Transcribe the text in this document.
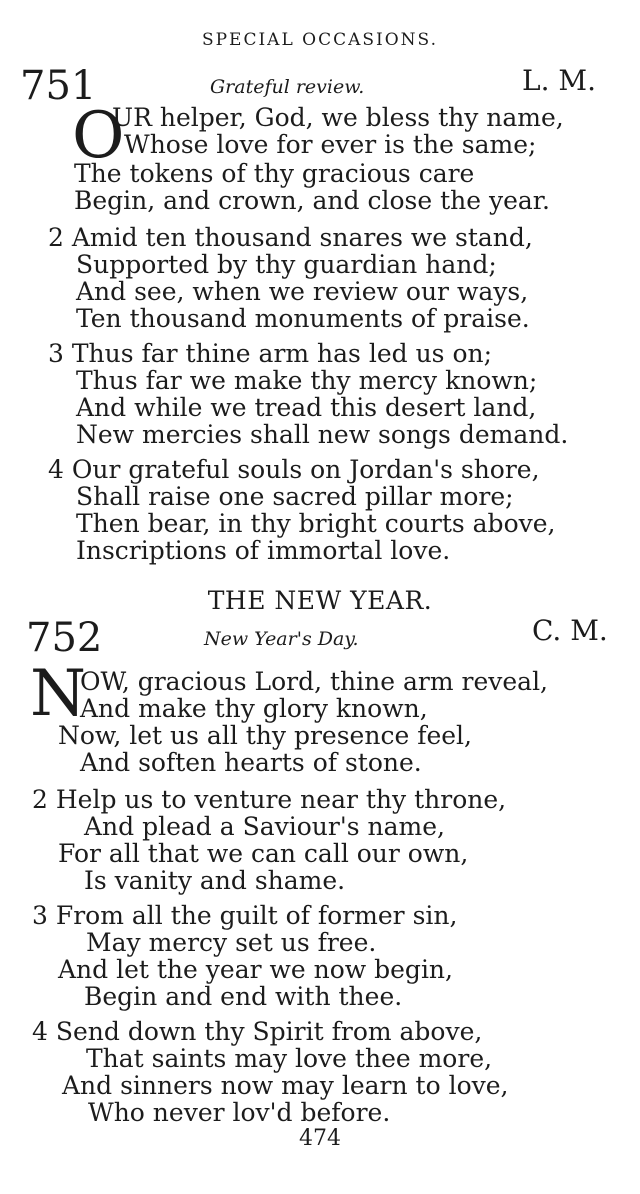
SPECIAL OCCASIONS.
751	Grateful review.	L. M.
O
UR helper, God, we bless thy name,
Whose love for ever is the same;
The tokens of thy gracious care
Begin, and crown, and close the year.
2 Amid ten thousand snares we stand,
Supported by thy guardian hand;
And see, when we review our ways,
Ten thousand monuments of praise.
3 Thus far thine arm has led us on;
Thus far we make thy mercy known;
And while we tread this desert land,
New mercies shall new songs demand.
4 Our grateful souls on Jordan's shore,
Shall raise one sacred pillar more;
Then bear, in thy bright courts above,
Inscriptions of immortal love.
THE NEW YEAR.
752	New Year's Day.	C. M.
N
OW, gracious Lord, thine arm reveal,
And make thy glory known,
Now, let us all thy presence feel,
And soften hearts of stone.
2 Help us to venture near thy throne,
And plead a Saviour's name,
For all that we can call our own,
Is vanity and shame.
3 From all the guilt of former sin,
May mercy set us free.
And let the year we now begin,
Begin and end with thee.
4 Send down thy Spirit from above,
That saints may love thee more,
And sinners now may learn to love,
Who never lov'd before.
474
